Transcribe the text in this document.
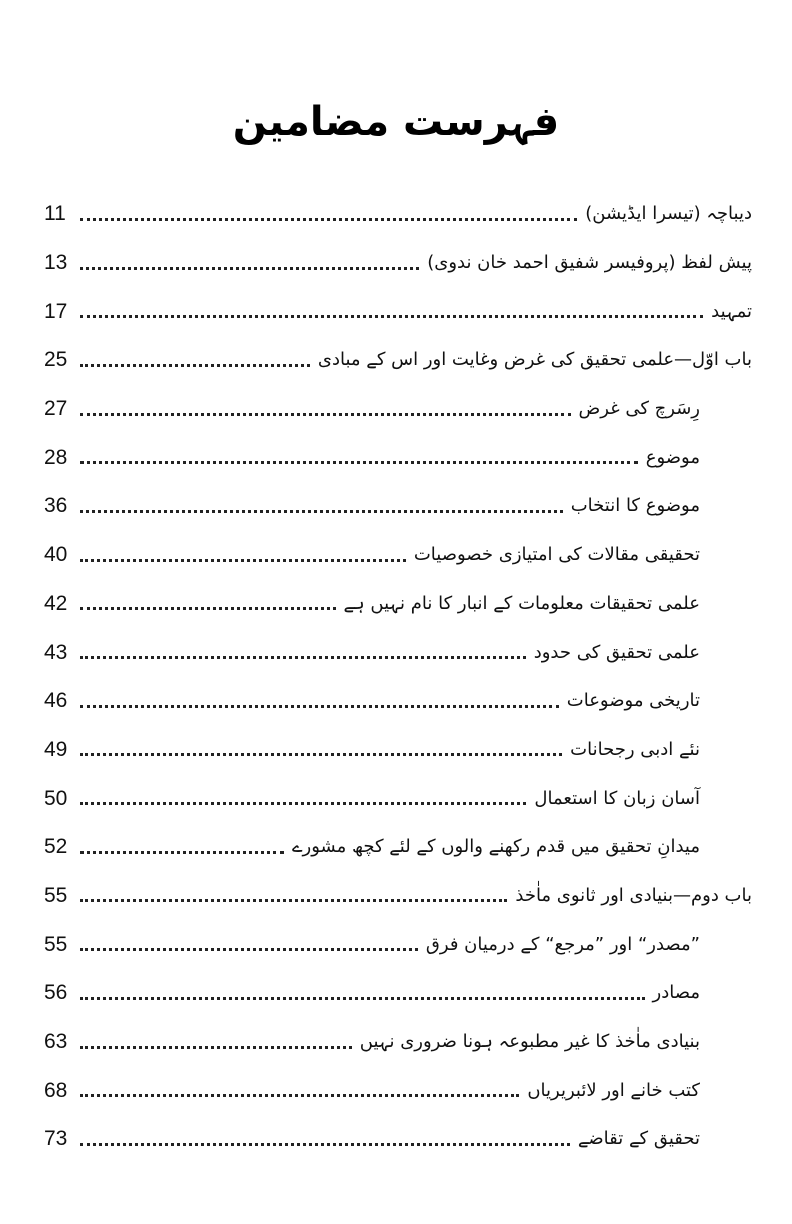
فہرست مضامین
دیباچہ (تیسرا ایڈیشن)
11
پیش لفظ (پروفیسر شفیق احمد خان ندوی)
13
تمہید
17
باب اوّل—علمی تحقیق کی غرض وغایت اور اس کے مبادی
25
رِسَرچ کی غرض
27
موضوع
28
موضوع کا انتخاب
36
تحقیقی مقالات کی امتیازی خصوصیات
40
علمی تحقیقات معلومات کے انبار کا نام نہیں ہے
42
علمی تحقیق کی حدود
43
تاریخی موضوعات
46
نئے ادبی رجحانات
49
آسان زبان کا استعمال
50
میدانِ تحقیق میں قدم رکھنے والوں کے لئے کچھ مشورے
52
باب دوم—بنیادی اور ثانوی ماٰخذ
55
”مصدر“ اور ”مرجع“ کے درمیان فرق
55
مصادر
56
بنیادی ماٰخذ کا غیر مطبوعہ ہونا ضروری نہیں
63
کتب خانے اور لائبریریاں
68
تحقیق کے تقاضے
73
